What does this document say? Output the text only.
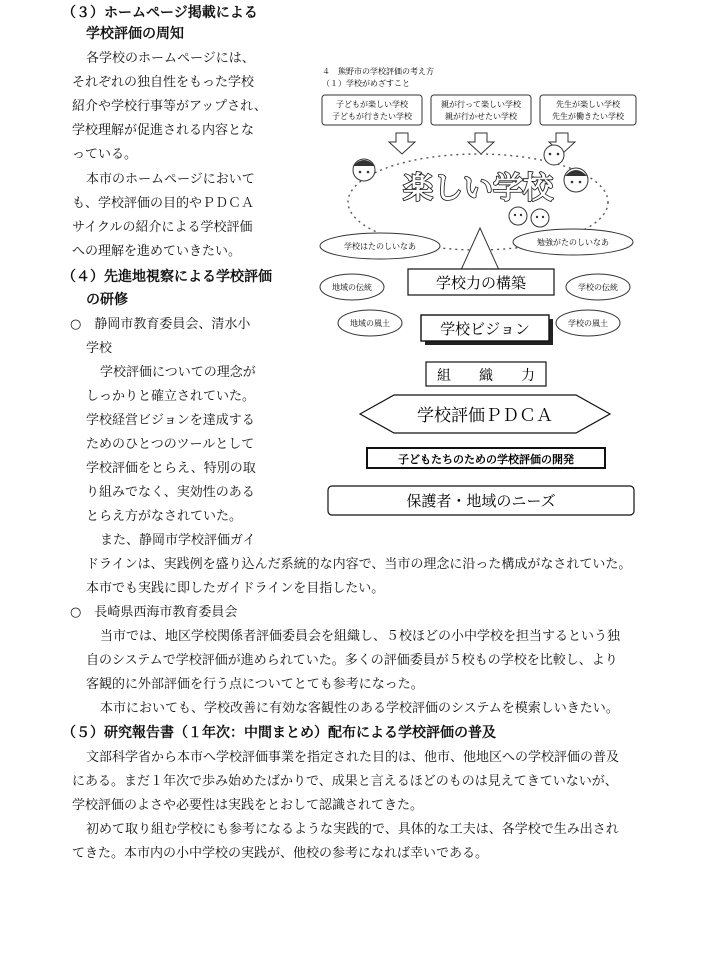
（３）ホームページ掲載による
学校評価の周知
各学校のホームページには、
それぞれの独自性をもった学校
紹介や学校行事等がアップされ、
学校理解が促進される内容とな
っている。
本市のホームページにおいて
も、学校評価の目的やＰＤＣＡ
サイクルの紹介による学校評価
への理解を進めていきたい。
（４）先進地視察による学校評価
の研修
○　静岡市教育委員会、清水小
学校
学校評価についての理念が
しっかりと確立されていた。
学校経営ビジョンを達成する
ためのひとつのツールとして
学校評価をとらえ、特別の取
り組みでなく、実効性のある
とらえ方がなされていた。
また、静岡市学校評価ガイ
ドラインは、実践例を盛り込んだ系統的な内容で、当市の理念に沿った構成がなされていた。
本市でも実践に即したガイドラインを目指したい。
○　長崎県西海市教育委員会
当市では、地区学校関係者評価委員会を組織し、５校ほどの小中学校を担当するという独
自のシステムで学校評価が進められていた。多くの評価委員が５校もの学校を比較し、より
客観的に外部評価を行う点についてとても参考になった。
本市においても、学校改善に有効な客観性のある学校評価のシステムを模索しいきたい。
（５）研究報告書（１年次：中間まとめ）配布による学校評価の普及
文部科学省から本市へ学校評価事業を指定された目的は、他市、他地区への学校評価の普及
にある。まだ１年次で歩み始めたばかりで、成果と言えるほどのものは見えてきていないが、
学校評価のよさや必要性は実践をとおして認識されてきた。
初めて取り組む学校にも参考になるような実践的で、具体的な工夫は、各学校で生み出され
てきた。本市内の小中学校の実践が、他校の参考になれば幸いである。
４　熊野市の学校評価の考え方
（１）学校がめざすこと
子どもが楽しい学校
子どもが行きたい学校
親が行って楽しい学校
親が行かせたい学校
先生が楽しい学校
先生が働きたい学校
楽しい学校
学校はたのしいなあ	勉強がたのしいなあ
地域の伝統	学校の伝統
地域の風土	学校の風土
学校力の構築
学校ビジョン
組　　織　　力
学校評価ＰＤＣＡ
子どもたちのための学校評価の開発
保護者・地域のニーズ
